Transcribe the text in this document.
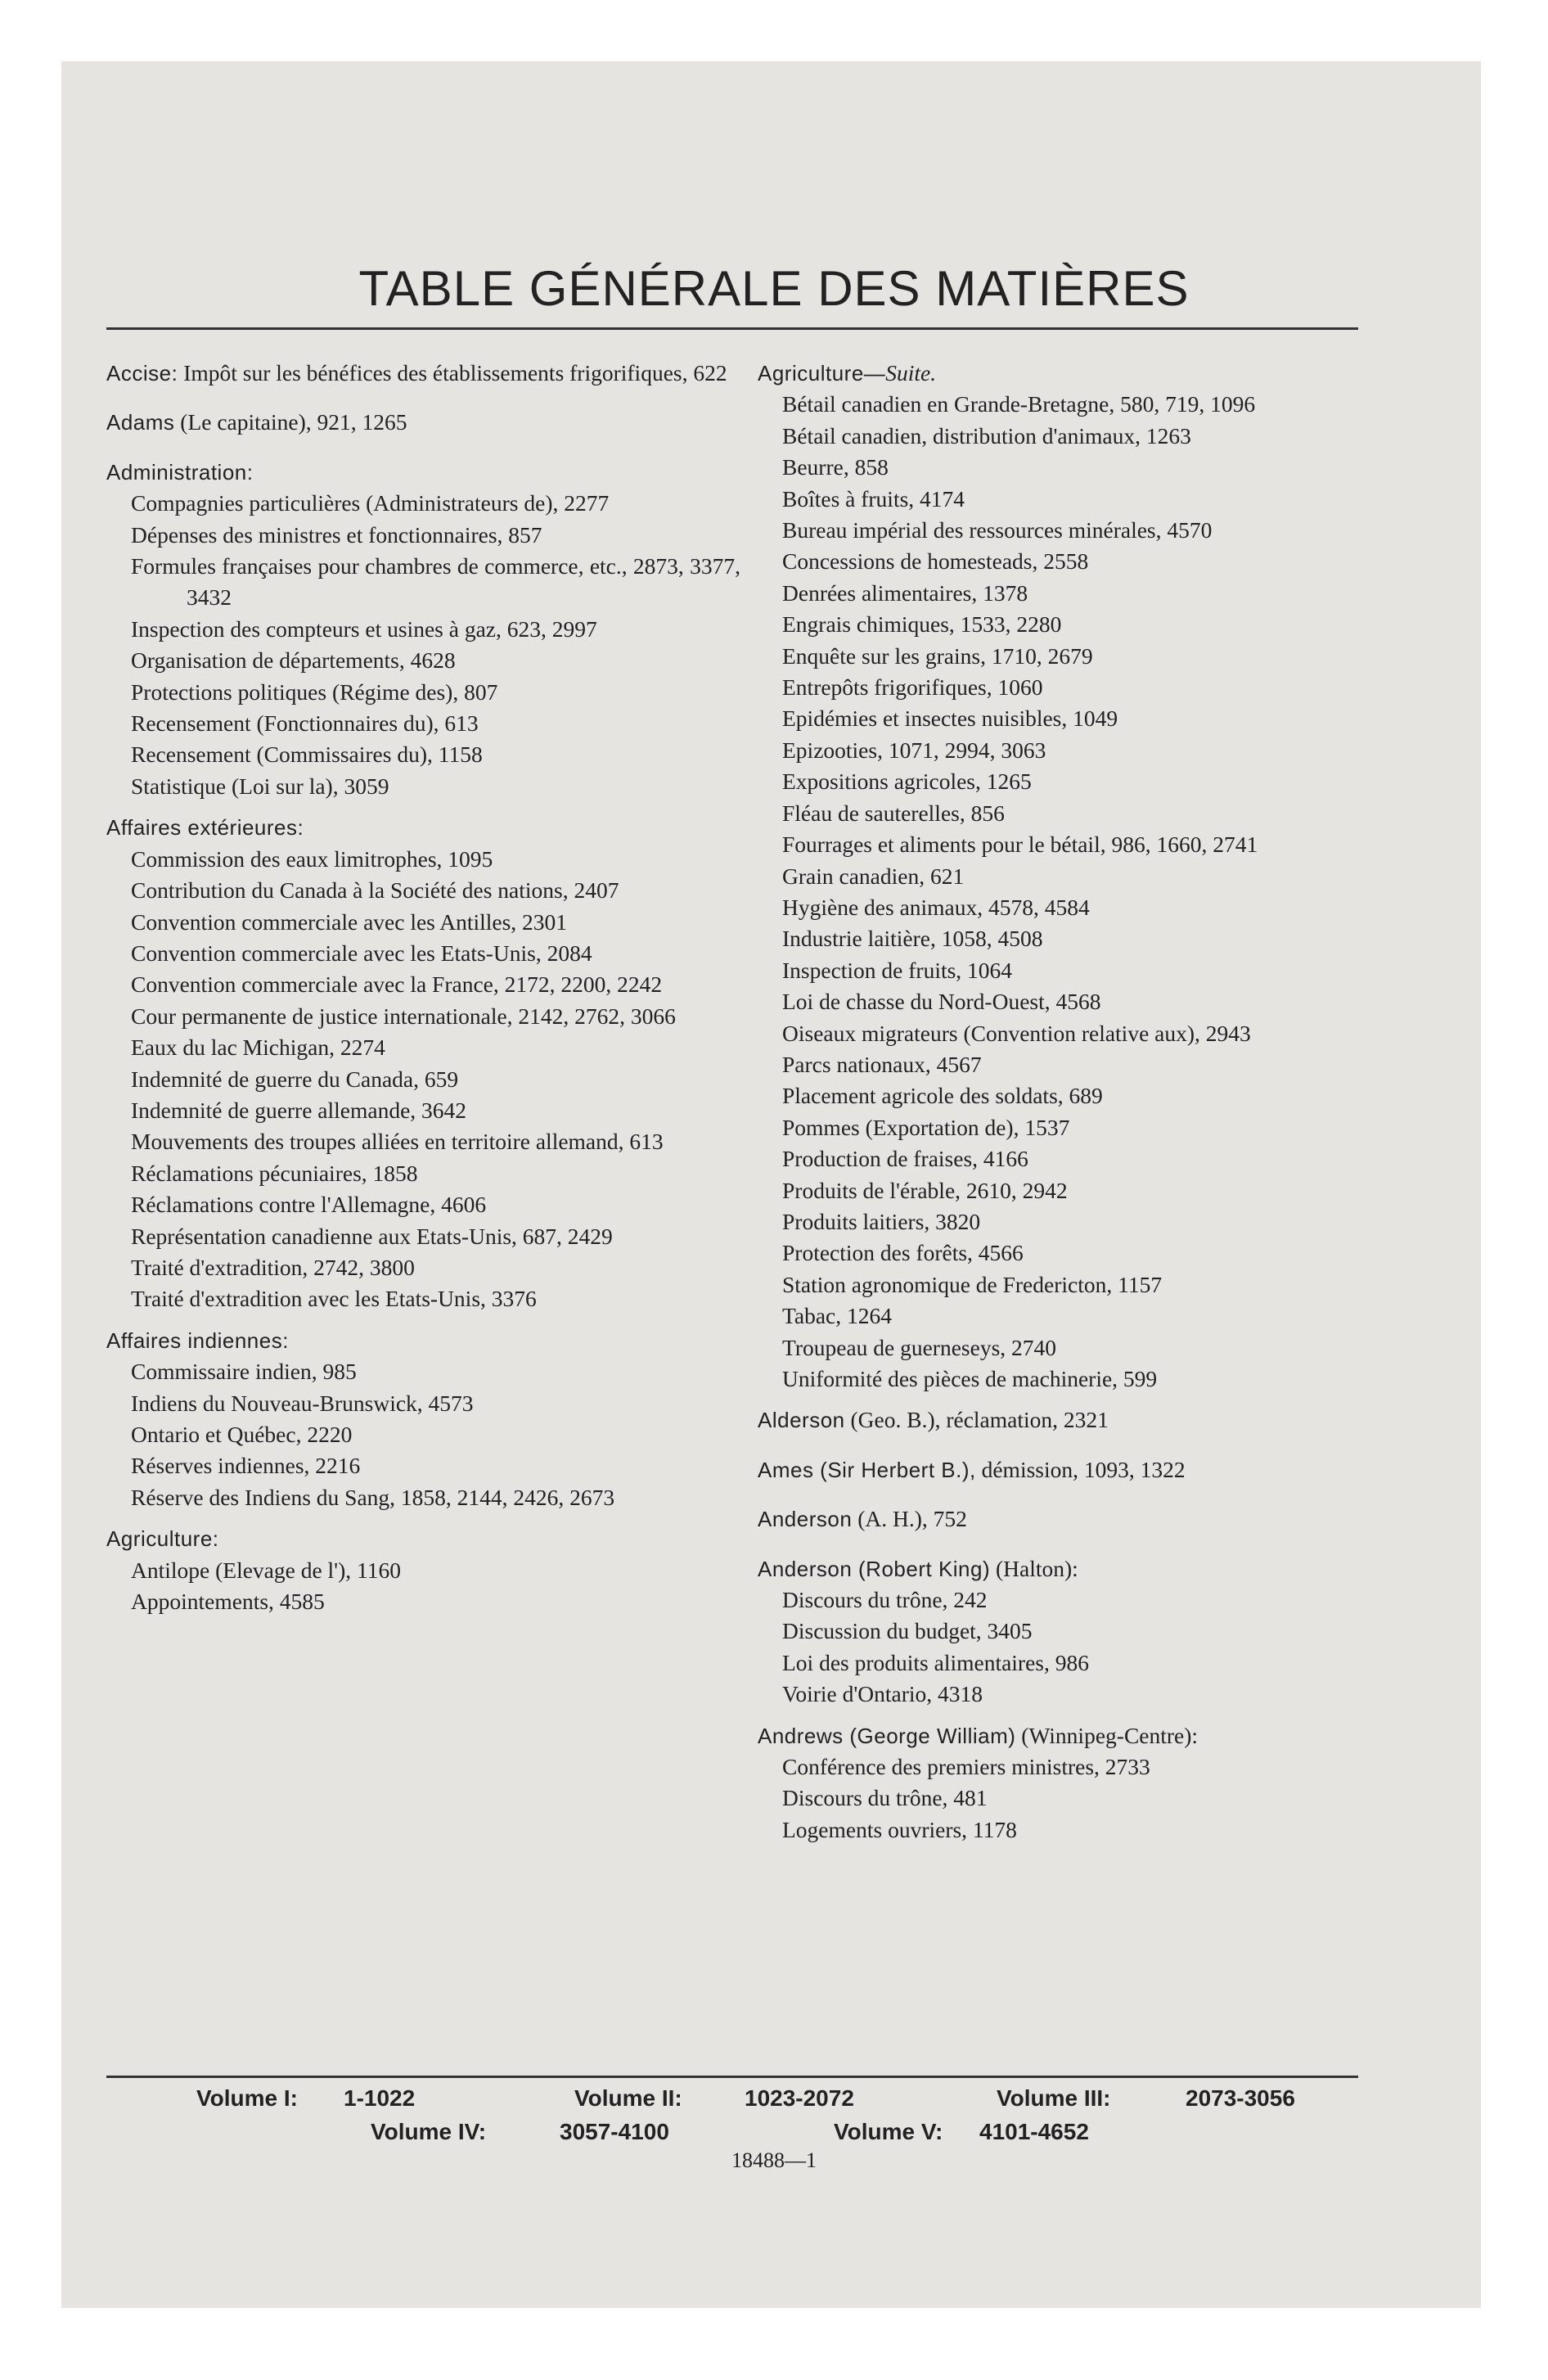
TABLE GÉNÉRALE DES MATIÈRES
Accise: Impôt sur les bénéfices des établissements frigorifiques, 622
Adams (Le capitaine), 921, 1265
Administration:
Compagnies particulières (Administrateurs de), 2277
Dépenses des ministres et fonctionnaires, 857
Formules françaises pour chambres de commerce, etc., 2873, 3377, 3432
Inspection des compteurs et usines à gaz, 623, 2997
Organisation de départements, 4628
Protections politiques (Régime des), 807
Recensement (Fonctionnaires du), 613
Recensement (Commissaires du), 1158
Statistique (Loi sur la), 3059
Affaires extérieures:
Commission des eaux limitrophes, 1095
Contribution du Canada à la Société des nations, 2407
Convention commerciale avec les Antilles, 2301
Convention commerciale avec les Etats-Unis, 2084
Convention commerciale avec la France, 2172, 2200, 2242
Cour permanente de justice internationale, 2142, 2762, 3066
Eaux du lac Michigan, 2274
Indemnité de guerre du Canada, 659
Indemnité de guerre allemande, 3642
Mouvements des troupes alliées en territoire allemand, 613
Réclamations pécuniaires, 1858
Réclamations contre l'Allemagne, 4606
Représentation canadienne aux Etats-Unis, 687, 2429
Traité d'extradition, 2742, 3800
Traité d'extradition avec les Etats-Unis, 3376
Affaires indiennes:
Commissaire indien, 985
Indiens du Nouveau-Brunswick, 4573
Ontario et Québec, 2220
Réserves indiennes, 2216
Réserve des Indiens du Sang, 1858, 2144, 2426, 2673
Agriculture:
Antilope (Elevage de l'), 1160
Appointements, 4585
Agriculture—Suite.
Bétail canadien en Grande-Bretagne, 580, 719, 1096
Bétail canadien, distribution d'animaux, 1263
Beurre, 858
Boîtes à fruits, 4174
Bureau impérial des ressources minérales, 4570
Concessions de homesteads, 2558
Denrées alimentaires, 1378
Engrais chimiques, 1533, 2280
Enquête sur les grains, 1710, 2679
Entrepôts frigorifiques, 1060
Epidémies et insectes nuisibles, 1049
Epizooties, 1071, 2994, 3063
Expositions agricoles, 1265
Fléau de sauterelles, 856
Fourrages et aliments pour le bétail, 986, 1660, 2741
Grain canadien, 621
Hygiène des animaux, 4578, 4584
Industrie laitière, 1058, 4508
Inspection de fruits, 1064
Loi de chasse du Nord-Ouest, 4568
Oiseaux migrateurs (Convention relative aux), 2943
Parcs nationaux, 4567
Placement agricole des soldats, 689
Pommes (Exportation de), 1537
Production de fraises, 4166
Produits de l'érable, 2610, 2942
Produits laitiers, 3820
Protection des forêts, 4566
Station agronomique de Fredericton, 1157
Tabac, 1264
Troupeau de guerneseys, 2740
Uniformité des pièces de machinerie, 599
Alderson (Geo. B.), réclamation, 2321
Ames (Sir Herbert B.), démission, 1093, 1322
Anderson (A. H.), 752
Anderson (Robert King) (Halton):
Discours du trône, 242
Discussion du budget, 3405
Loi des produits alimentaires, 986
Voirie d'Ontario, 4318
Andrews (George William) (Winnipeg-Centre):
Conférence des premiers ministres, 2733
Discours du trône, 481
Logements ouvriers, 1178
Volume I: 1-1022	Volume II:	1023-2072	Volume III:	2073-3056
Volume IV:	3057-4100	Volume V: 4101-4652
18488—1
